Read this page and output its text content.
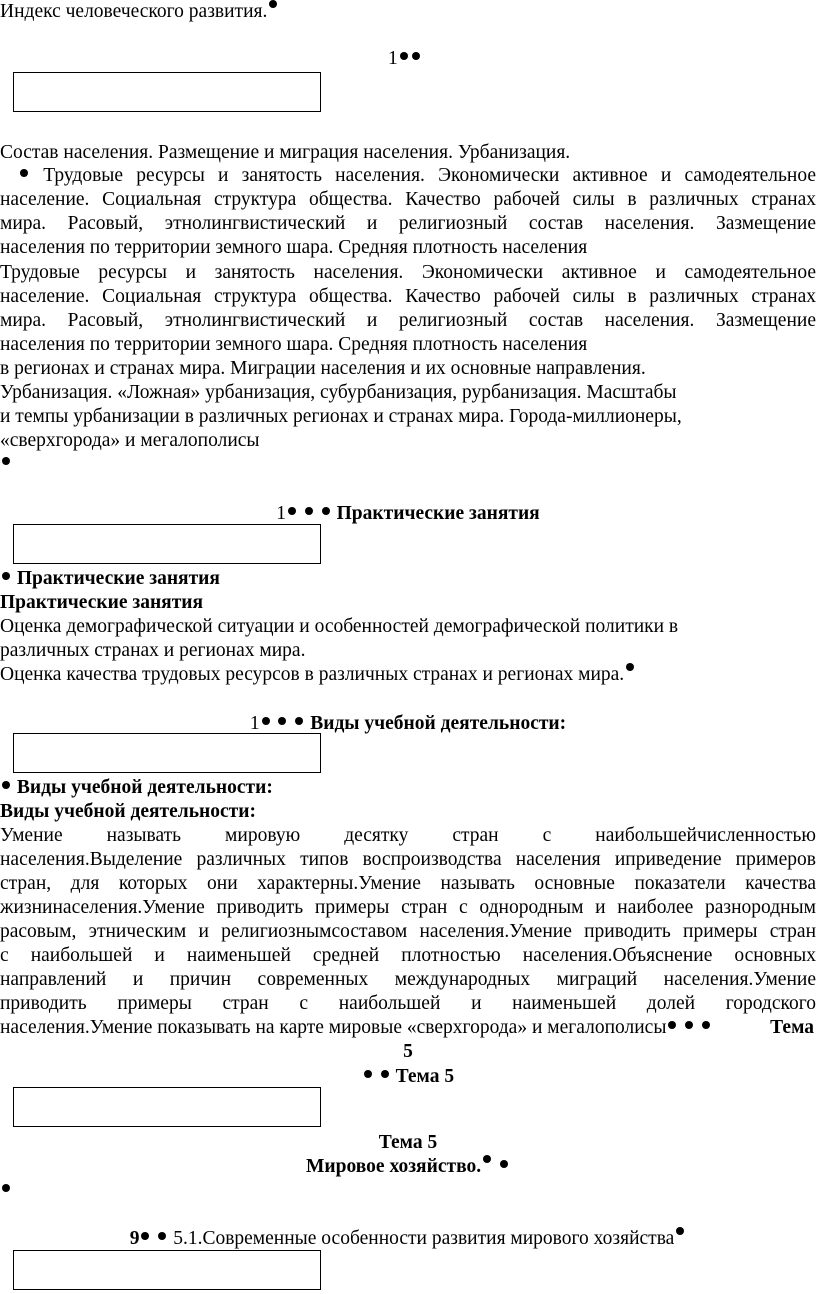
Индекс человеческого развития.
1
Состав населения. Размещение и миграция населения. Урбанизация.
Трудовые ресурсы и занятость населения. Экономически активное и самодеятельное
население. Социальная структура общества. Качество рабочей силы в различных странах
мира. Расовый, этнолингвистический и религиозный состав населения. Зазмещение
населения по территории земного шара. Средняя плотность населения
Трудовые ресурсы и занятость населения. Экономически активное и самодеятельное
население. Социальная структура общества. Качество рабочей силы в различных странах
мира. Расовый, этнолингвистический и религиозный состав населения. Зазмещение
населения по территории земного шара. Средняя плотность населения
в регионах и странах мира. Миграции населения и их основные направления.
Урбанизация. «Ложная» урбанизация, субурбанизация, рурбанизация. Масштабы
и темпы урбанизации в различных регионах и странах мира. Города-миллионеры,
«сверхгорода» и мегалополисы
1	Практические занятия
Практические занятия
Практические занятия
Оценка демографической ситуации и особенностей демографической политики в
различных странах и регионах мира.
Оценка качества трудовых ресурсов в различных странах и регионах мира.
1	Виды учебной деятельности:
Виды учебной деятельности:
Виды учебной деятельности:
Умение называть мировую десятку стран с наибольшейчисленностью
населения.Выделение различных типов воспроизводства населения иприведение примеров
стран, для которых они характерны.Умение называть основные показатели качества
жизнинаселения.Умение приводить примеры стран с однородным и наиболее разнородным
расовым, этническим и религиознымсоставом населения.Умение приводить примеры стран
с наибольшей и наименьшей средней плотностью населения.Объяснение основных
направлений и причин современных международных миграций населения.Умение
приводить примеры стран с наибольшей и наименьшей долей городского
населения.Умение показывать на карте мировые «сверхгорода» и мегалополисы	Тема
5
Тема 5
Тема 5
Мировое хозяйство.
9 5.1.Современные особенности развития мирового хозяйства
